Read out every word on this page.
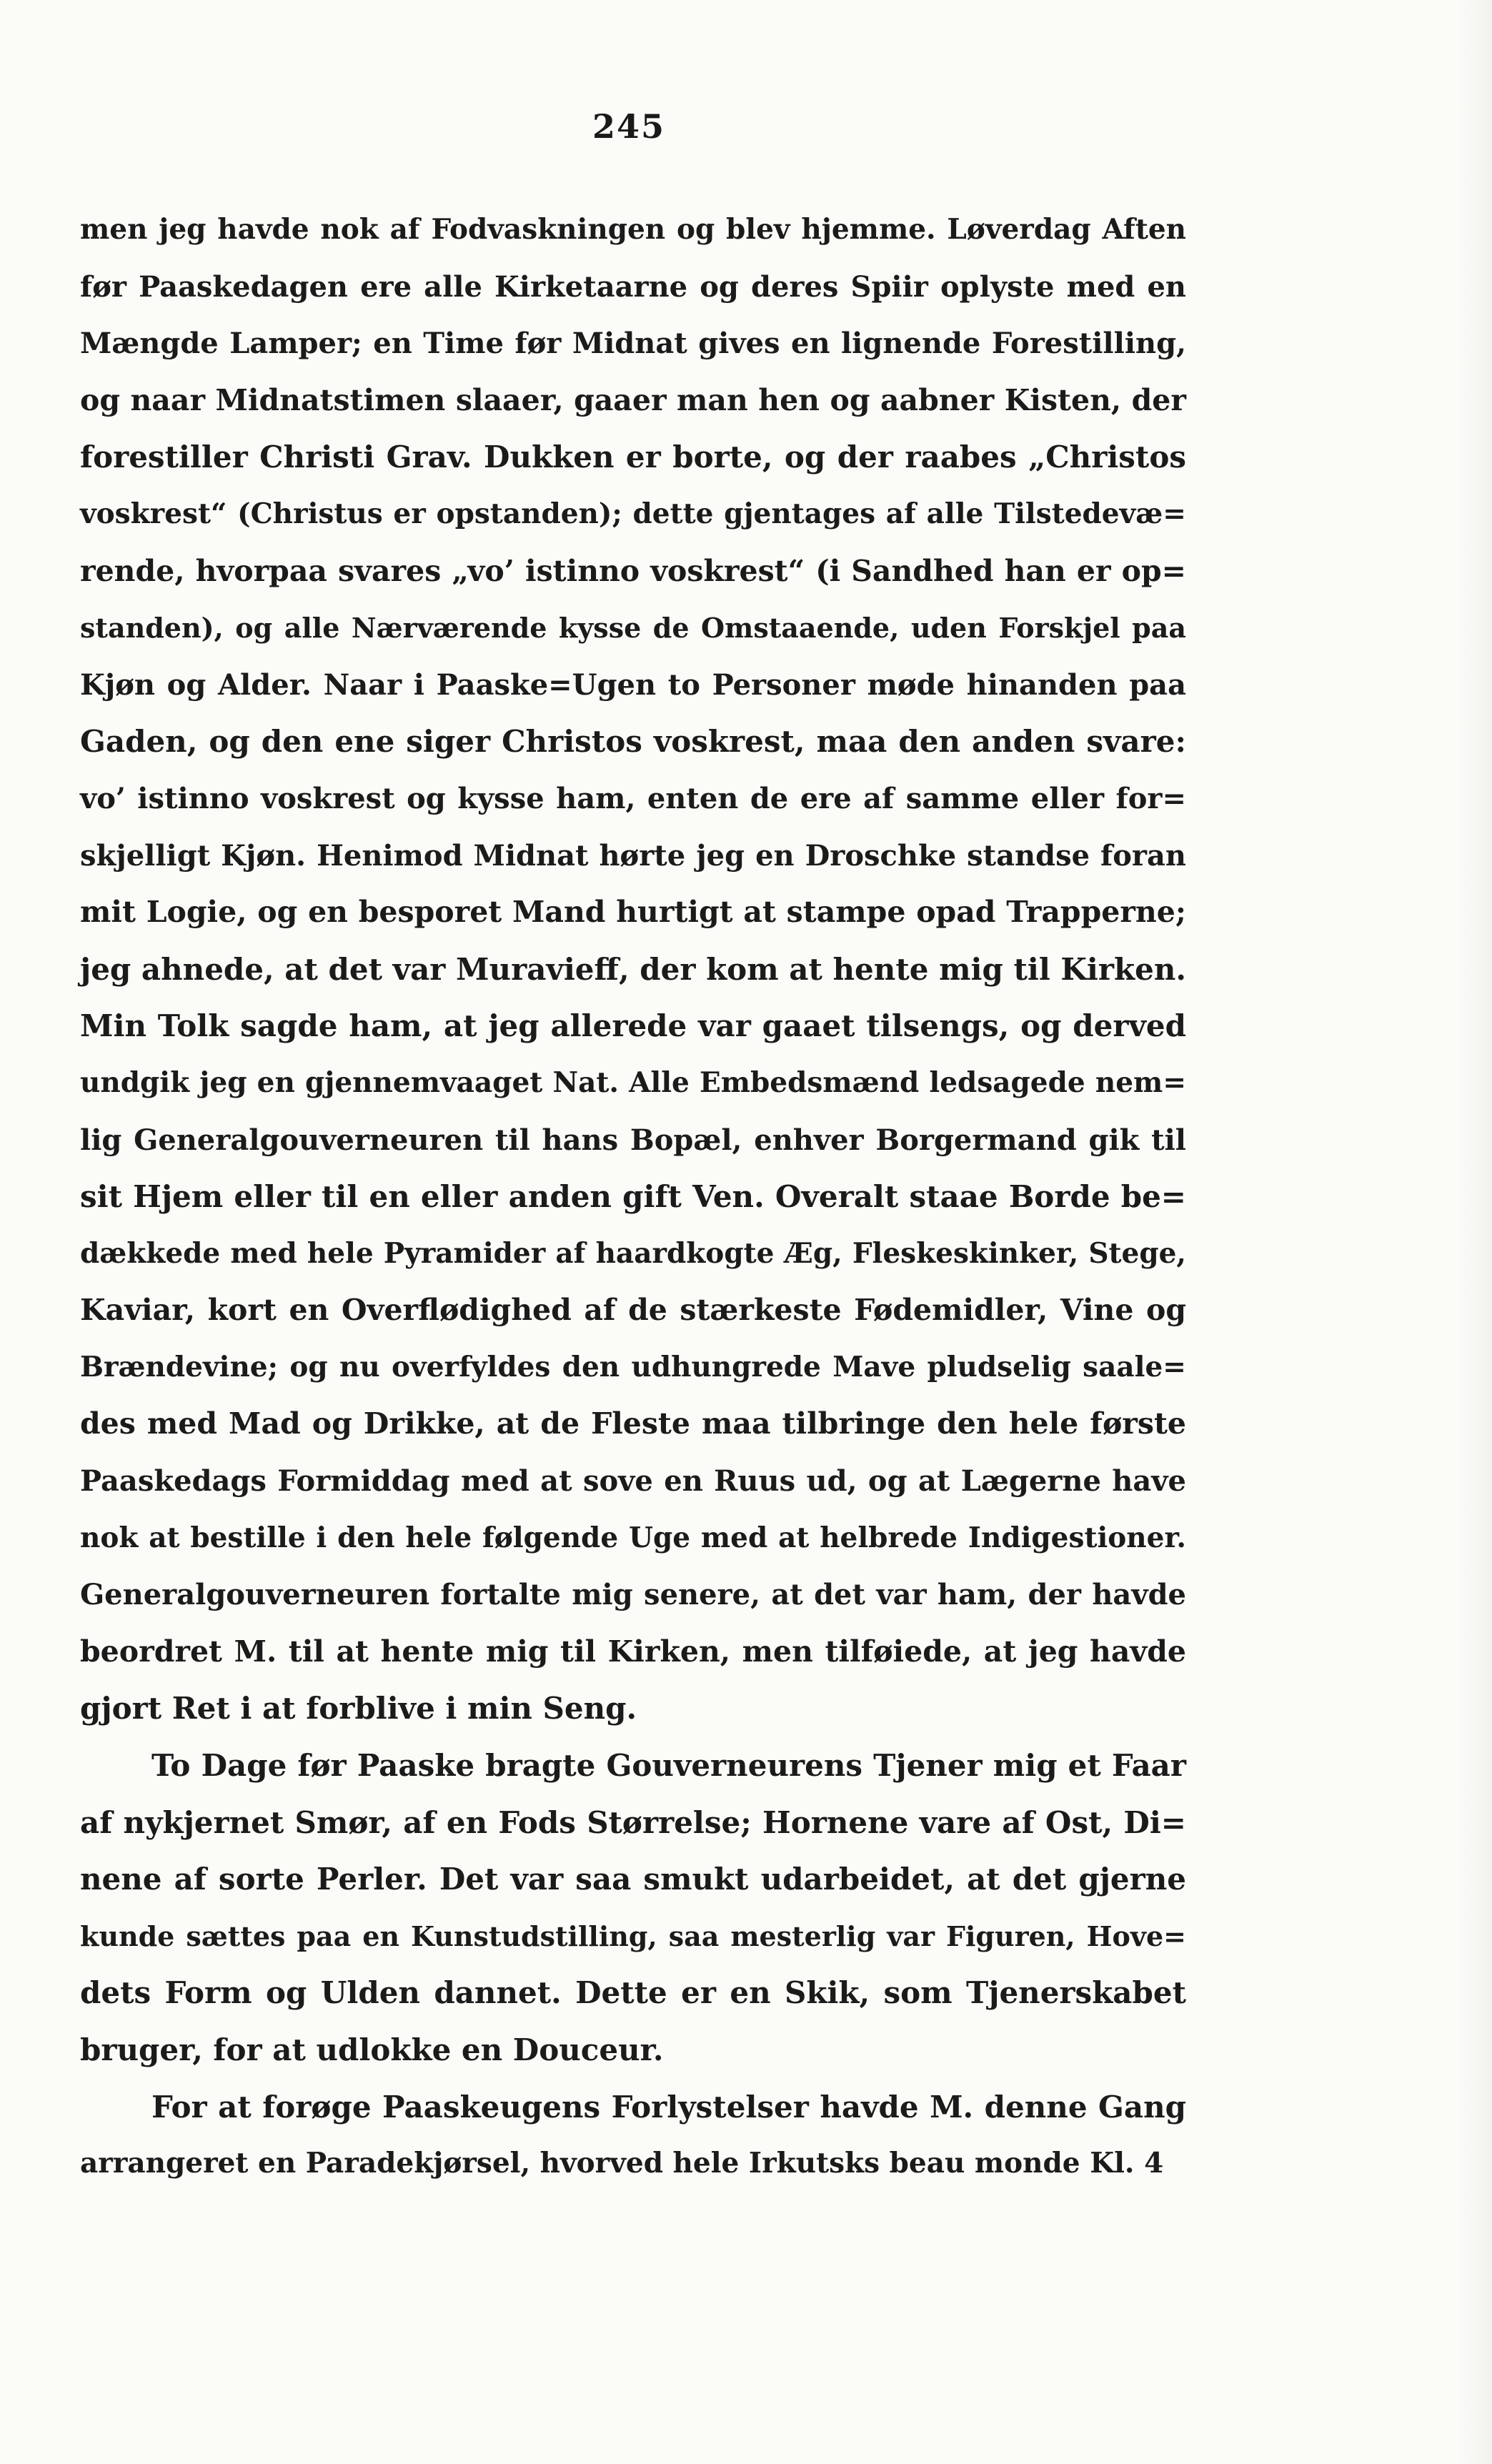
245
men jeg havde nok af Fodvaskningen og blev hjemme. Løverdag Aften
før Paaskedagen ere alle Kirketaarne og deres Spiir oplyste med en
Mængde Lamper; en Time før Midnat gives en lignende Forestilling,
og naar Midnatstimen slaaer, gaaer man hen og aabner Kisten, der
forestiller Christi Grav. Dukken er borte, og der raabes „Christos
voskrest“ (Christus er opstanden); dette gjentages af alle Tilstedevæ=
rende, hvorpaa svares „vo’ istinno voskrest“ (i Sandhed han er op=
standen), og alle Nærværende kysse de Omstaaende, uden Forskjel paa
Kjøn og Alder. Naar i Paaske=Ugen to Personer møde hinanden paa
Gaden, og den ene siger Christos voskrest, maa den anden svare:
vo’ istinno voskrest og kysse ham, enten de ere af samme eller for=
skjelligt Kjøn. Henimod Midnat hørte jeg en Droschke standse foran
mit Logie, og en besporet Mand hurtigt at stampe opad Trapperne;
jeg ahnede, at det var Muravieff, der kom at hente mig til Kirken.
Min Tolk sagde ham, at jeg allerede var gaaet tilsengs, og derved
undgik jeg en gjennemvaaget Nat. Alle Embedsmænd ledsagede nem=
lig Generalgouverneuren til hans Bopæl, enhver Borgermand gik til
sit Hjem eller til en eller anden gift Ven. Overalt staae Borde be=
dækkede med hele Pyramider af haardkogte Æg, Fleskeskinker, Stege,
Kaviar, kort en Overflødighed af de stærkeste Fødemidler, Vine og
Brændevine; og nu overfyldes den udhungrede Mave pludselig saale=
des med Mad og Drikke, at de Fleste maa tilbringe den hele første
Paaskedags Formiddag med at sove en Ruus ud, og at Lægerne have
nok at bestille i den hele følgende Uge med at helbrede Indigestioner.
Generalgouverneuren fortalte mig senere, at det var ham, der havde
beordret M. til at hente mig til Kirken, men tilføiede, at jeg havde
gjort Ret i at forblive i min Seng.
To Dage før Paaske bragte Gouverneurens Tjener mig et Faar
af nykjernet Smør, af en Fods Størrelse; Hornene vare af Ost, Di=
nene af sorte Perler. Det var saa smukt udarbeidet, at det gjerne
kunde sættes paa en Kunstudstilling, saa mesterlig var Figuren, Hove=
dets Form og Ulden dannet. Dette er en Skik, som Tjenerskabet
bruger, for at udlokke en Douceur.
For at forøge Paaskeugens Forlystelser havde M. denne Gang
arrangeret en Paradekjørsel, hvorved hele Irkutsks beau monde Kl. 4
